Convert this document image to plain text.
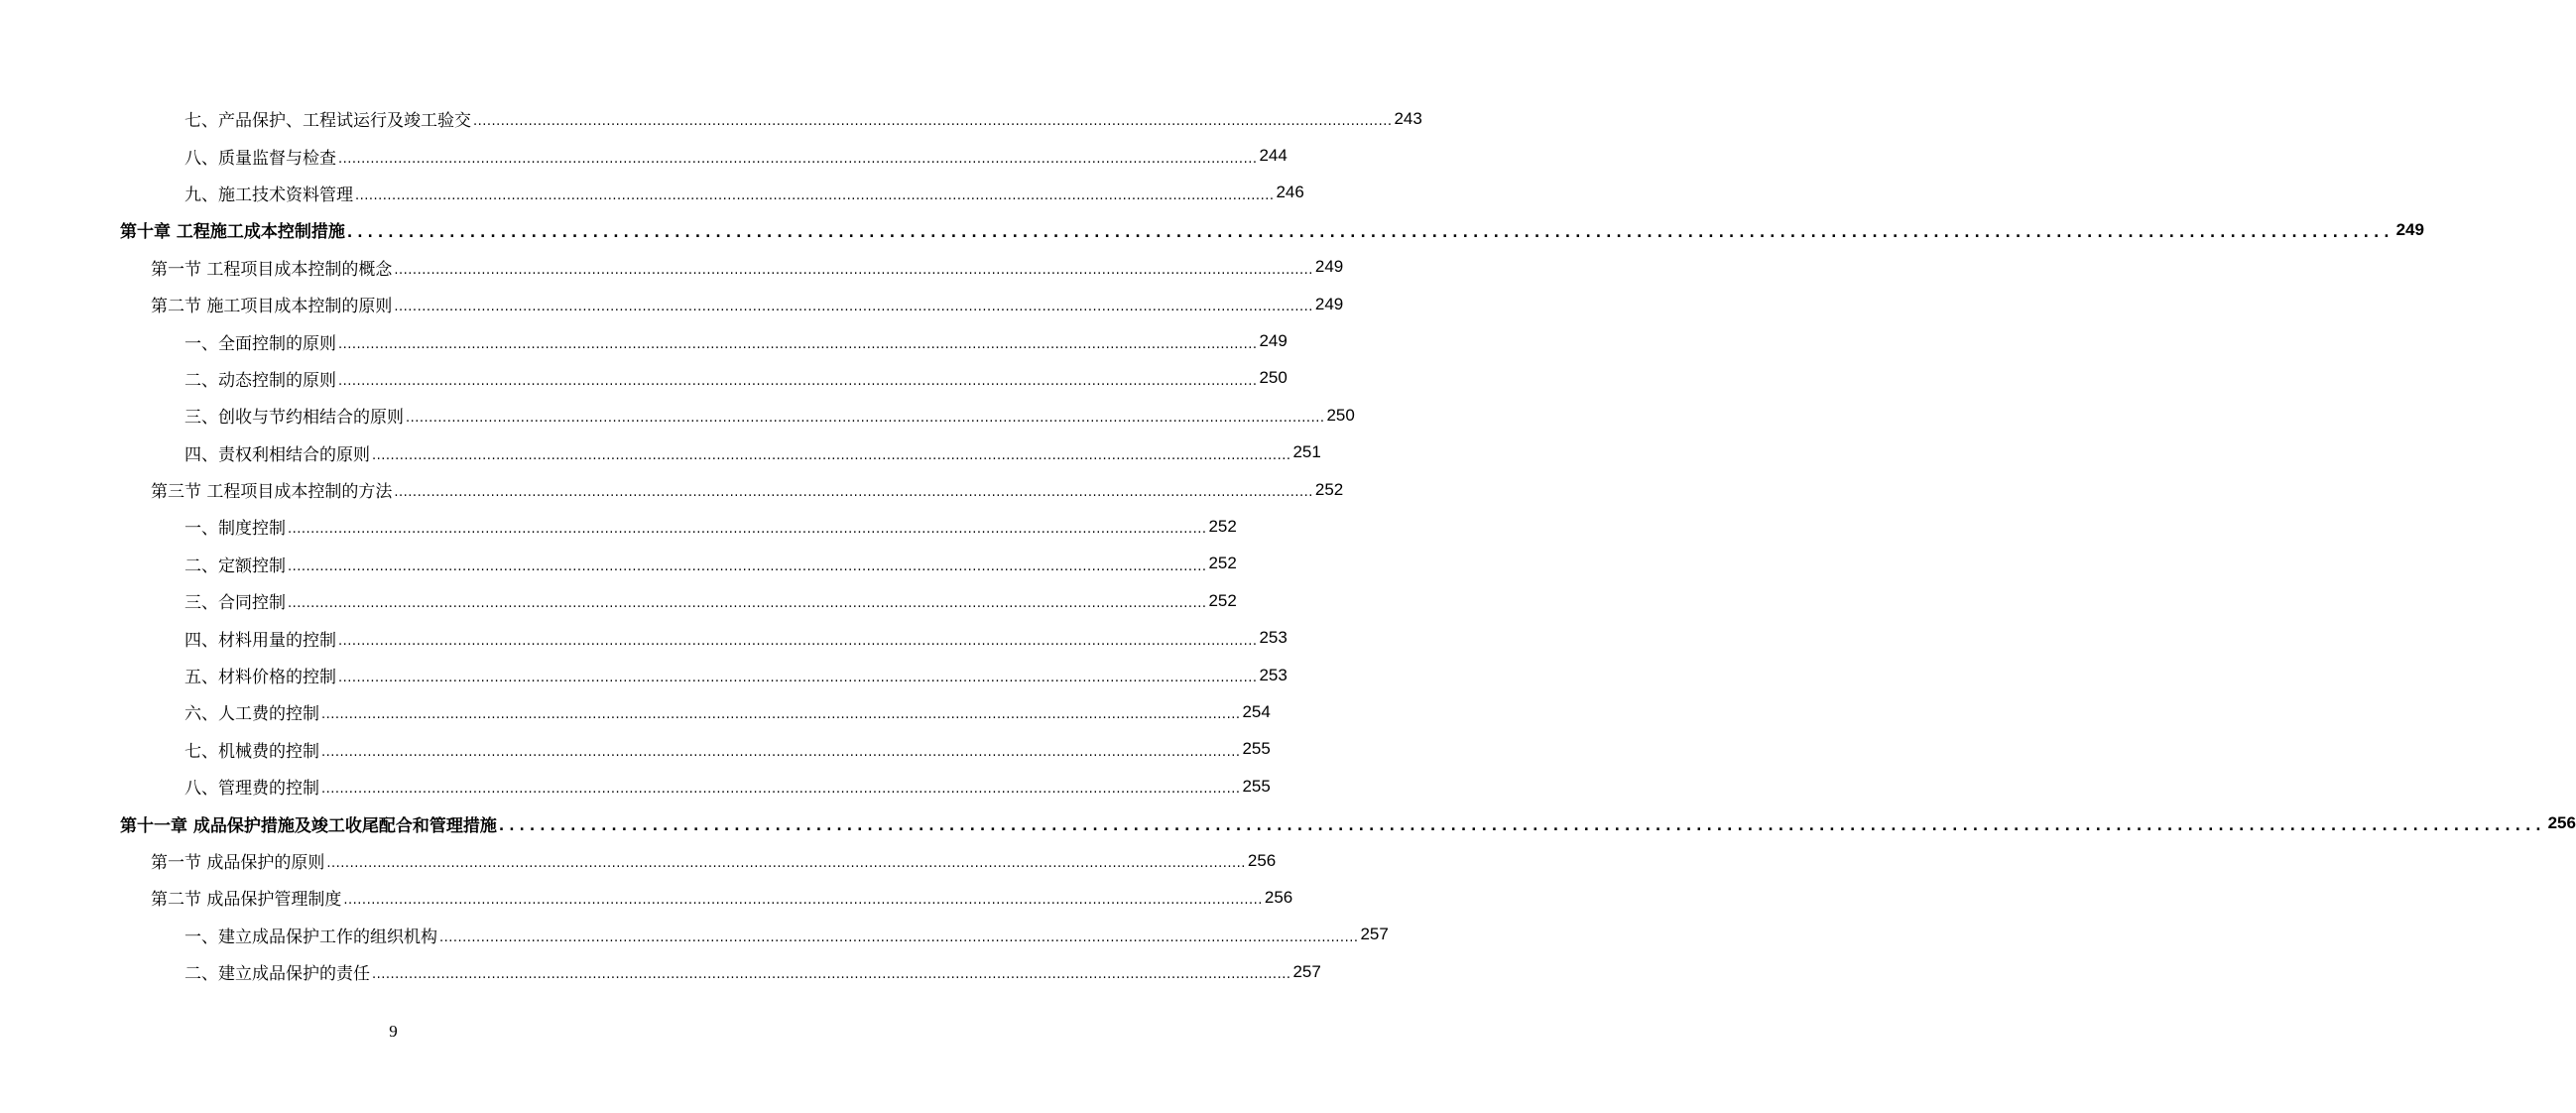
七、产品保护、工程试运行及竣工验交 ........................................................................................................................................................................................................ 243
八、质量监督与检查 ........................................................................................................................................................................................................ 244
九、施工技术资料管理 ........................................................................................................................................................................................................ 246
第十章 工程施工成本控制措施 ........................................................................................................................................................................................................ 249
第一节 工程项目成本控制的概念 ........................................................................................................................................................................................................ 249
第二节 施工项目成本控制的原则 ........................................................................................................................................................................................................ 249
一、全面控制的原则 ........................................................................................................................................................................................................ 249
二、动态控制的原则 ........................................................................................................................................................................................................ 250
三、创收与节约相结合的原则 ........................................................................................................................................................................................................ 250
四、责权利相结合的原则 ........................................................................................................................................................................................................ 251
第三节 工程项目成本控制的方法 ........................................................................................................................................................................................................ 252
一、制度控制 ........................................................................................................................................................................................................ 252
二、定额控制 ........................................................................................................................................................................................................ 252
三、合同控制 ........................................................................................................................................................................................................ 252
四、材料用量的控制 ........................................................................................................................................................................................................ 253
五、材料价格的控制 ........................................................................................................................................................................................................ 253
六、人工费的控制 ........................................................................................................................................................................................................ 254
七、机械费的控制 ........................................................................................................................................................................................................ 255
八、管理费的控制 ........................................................................................................................................................................................................ 255
第十一章 成品保护措施及竣工收尾配合和管理措施 ........................................................................................................................................................................................................ 256
第一节 成品保护的原则 ........................................................................................................................................................................................................ 256
第二节 成品保护管理制度 ........................................................................................................................................................................................................ 256
一、建立成品保护工作的组织机构 ........................................................................................................................................................................................................ 257
二、建立成品保护的责任 ........................................................................................................................................................................................................ 257
9
